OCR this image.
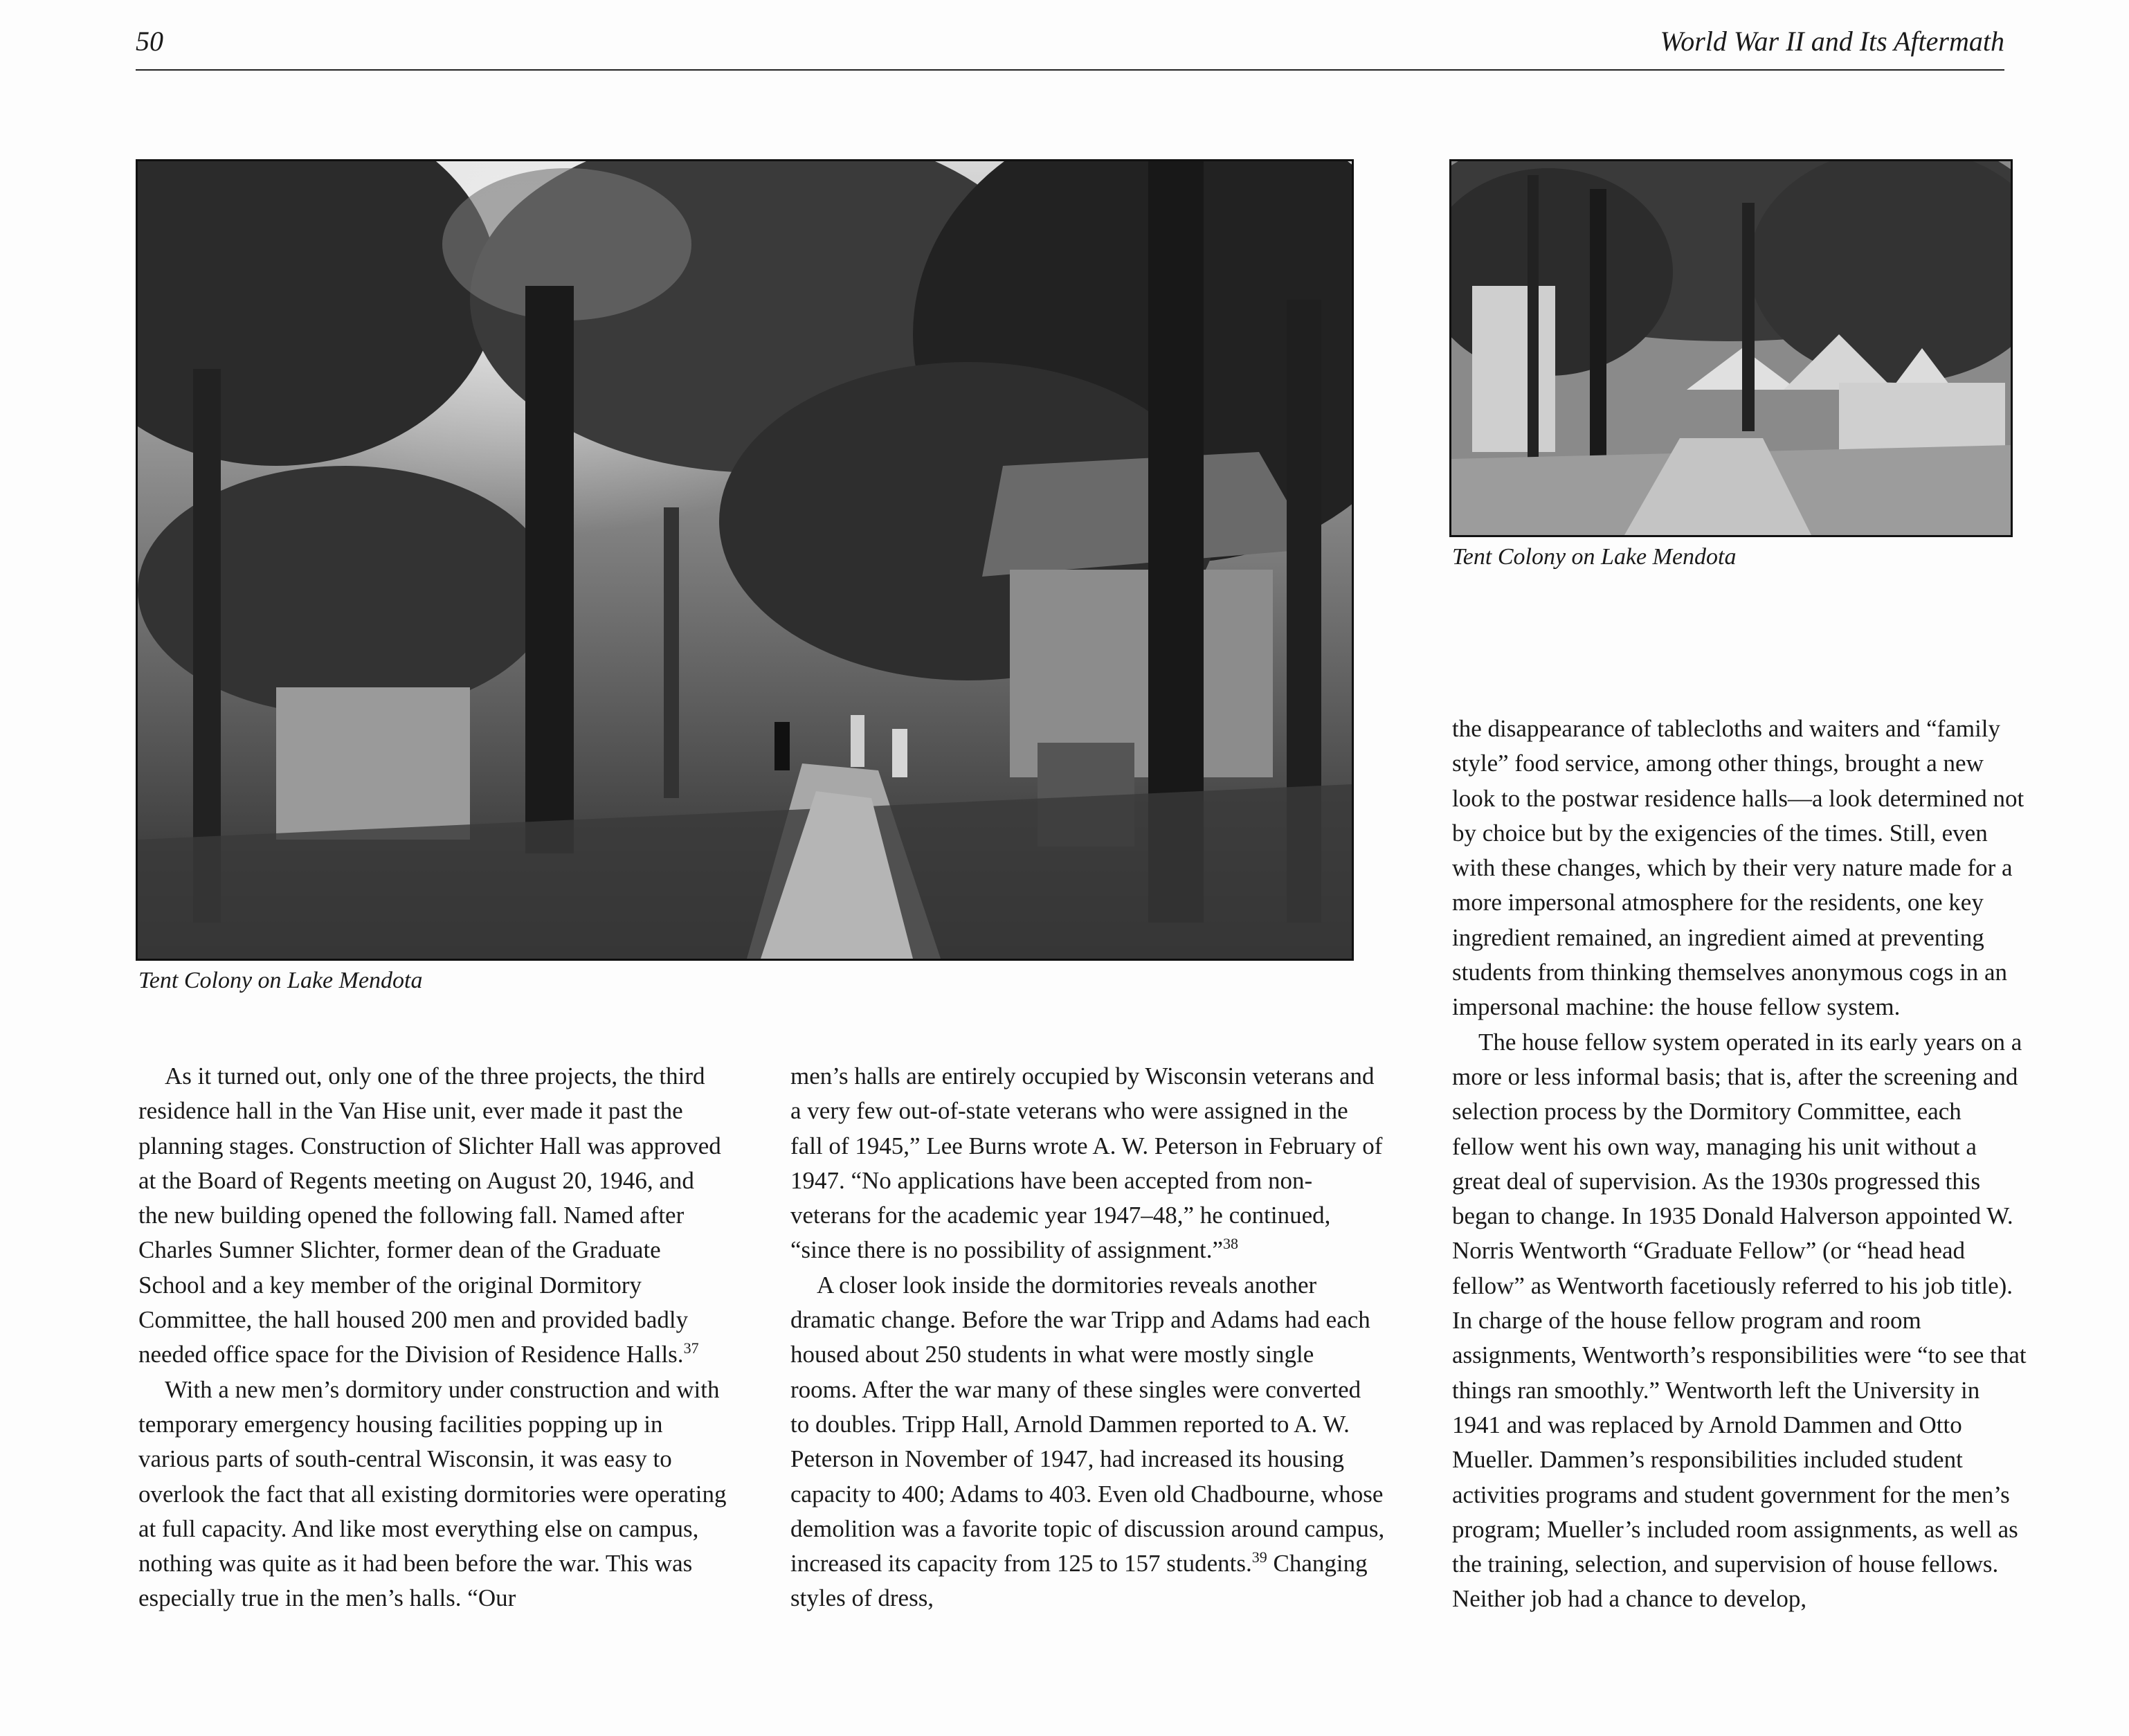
50	World War II and Its Aftermath
Tent Colony on Lake Mendota
Tent Colony on Lake Mendota

As it turned out, only one of the three projects, the third residence hall in the Van Hise unit, ever made it past the planning stages. Construction of Slichter Hall was approved at the Board of Regents meeting on August 20, 1946, and the new building opened the following fall. Named after Charles Sumner Slichter, former dean of the Graduate School and a key member of the original Dormitory Committee, the hall housed 200 men and provided badly needed office space for the Division of Residence Halls.$^{37}$

With a new men’s dormitory under construction and with temporary emergency housing facilities popping up in various parts of south-central Wisconsin, it was easy to overlook the fact that all existing dormitories were operating at full capacity. And like most everything else on campus, nothing was quite as it had been before the war. This was especially true in the men’s halls. “Our

men’s halls are entirely occupied by Wisconsin veterans and a very few out-of-state veterans who were assigned in the fall of 1945,” Lee Burns wrote A. W. Peterson in February of 1947. “No applications have been accepted from non-veterans for the academic year 1947–48,” he continued, “since there is no possibility of assignment.”$^{38}$

A closer look inside the dormitories reveals another dramatic change. Before the war Tripp and Adams had each housed about 250 students in what were mostly single rooms. After the war many of these singles were converted to doubles. Tripp Hall, Arnold Dammen reported to A. W. Peterson in November of 1947, had increased its housing capacity to 400; Adams to 403. Even old Chadbourne, whose demolition was a favorite topic of discussion around campus, increased its capacity from 125 to 157 students.$^{39}$ Changing styles of dress,

the disappearance of tablecloths and waiters and “family style” food service, among other things, brought a new look to the postwar residence halls—a look determined not by choice but by the exigencies of the times. Still, even with these changes, which by their very nature made for a more impersonal atmosphere for the residents, one key ingredient remained, an ingredient aimed at preventing students from thinking themselves anonymous cogs in an impersonal machine: the house fellow system.

The house fellow system operated in its early years on a more or less informal basis; that is, after the screening and selection process by the Dormitory Committee, each fellow went his own way, managing his unit without a great deal of supervision. As the 1930s progressed this began to change. In 1935 Donald Halverson appointed W. Norris Wentworth “Graduate Fellow” (or “head head fellow” as Wentworth facetiously referred to his job title). In charge of the house fellow program and room assignments, Wentworth’s responsibilities were “to see that things ran smoothly.” Wentworth left the University in 1941 and was replaced by Arnold Dammen and Otto Mueller. Dammen’s responsibilities included student activities programs and student government for the men’s program; Mueller’s included room assignments, as well as the training, selection, and supervision of house fellows. Neither job had a chance to develop,
